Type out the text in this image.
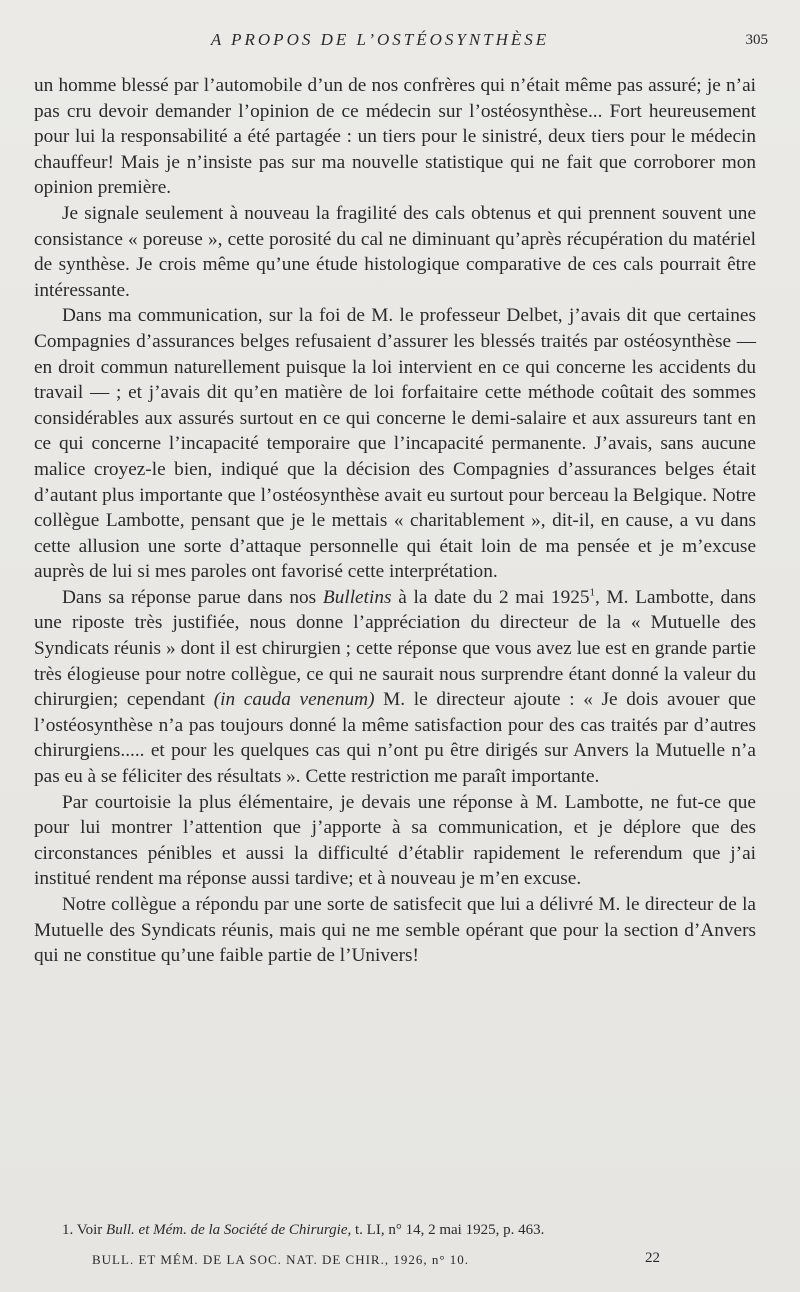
A PROPOS DE L’OSTÉOSYNTHÈSE	305

un homme blessé par l’automobile d’un de nos confrères qui n’était même pas assuré; je n’ai pas cru devoir demander l’opinion de ce médecin sur l’ostéosynthèse... Fort heureusement pour lui la responsabilité a été partagée : un tiers pour le sinistré, deux tiers pour le médecin chauffeur! Mais je n’insiste pas sur ma nouvelle statistique qui ne fait que corroborer mon opinion première.

Je signale seulement à nouveau la fragilité des cals obtenus et qui prennent souvent une consistance « poreuse », cette porosité du cal ne diminuant qu’après récupération du matériel de synthèse. Je crois même qu’une étude histologique comparative de ces cals pourrait être intéressante.

Dans ma communication, sur la foi de M. le professeur Delbet, j’avais dit que certaines Compagnies d’assurances belges refusaient d’assurer les blessés traités par ostéosynthèse — en droit commun naturellement puisque la loi intervient en ce qui concerne les accidents du travail — ; et j’avais dit qu’en matière de loi forfaitaire cette méthode coûtait des sommes considérables aux assurés surtout en ce qui concerne le demi-salaire et aux assureurs tant en ce qui concerne l’incapacité temporaire que l’incapacité permanente. J’avais, sans aucune malice croyez-le bien, indiqué que la décision des Compagnies d’assurances belges était d’autant plus importante que l’ostéosynthèse avait eu surtout pour berceau la Belgique. Notre collègue Lambotte, pensant que je le mettais « charitablement », dit-il, en cause, a vu dans cette allusion une sorte d’attaque personnelle qui était loin de ma pensée et je m’excuse auprès de lui si mes paroles ont favorisé cette interprétation.

Dans sa réponse parue dans nos Bulletins à la date du 2 mai 1925$^1$, M. Lambotte, dans une riposte très justifiée, nous donne l’appréciation du directeur de la « Mutuelle des Syndicats réunis » dont il est chirurgien ; cette réponse que vous avez lue est en grande partie très élogieuse pour notre collègue, ce qui ne saurait nous surprendre étant donné la valeur du chirurgien; cependant (in cauda venenum) M. le directeur ajoute : « Je dois avouer que l’ostéosynthèse n’a pas toujours donné la même satisfaction pour des cas traités par d’autres chirurgiens..... et pour les quelques cas qui n’ont pu être dirigés sur Anvers la Mutuelle n’a pas eu à se féliciter des résultats ». Cette restriction me paraît importante.

Par courtoisie la plus élémentaire, je devais une réponse à M. Lambotte, ne fut-ce que pour lui montrer l’attention que j’apporte à sa communication, et je déplore que des circonstances pénibles et aussi la difficulté d’établir rapidement le referendum que j’ai institué rendent ma réponse aussi tardive; et à nouveau je m’en excuse.

Notre collègue a répondu par une sorte de satisfecit que lui a délivré M. le directeur de la Mutuelle des Syndicats réunis, mais qui ne me semble opérant que pour la section d’Anvers qui ne constitue qu’une faible partie de l’Univers!

1. Voir Bull. et Mém. de la Société de Chirurgie, t. LI, n° 14, 2 mai 1925, p. 463.
BULL. ET MÉM. DE LA SOC. NAT. DE CHIR., 1926, n° 10.	22
